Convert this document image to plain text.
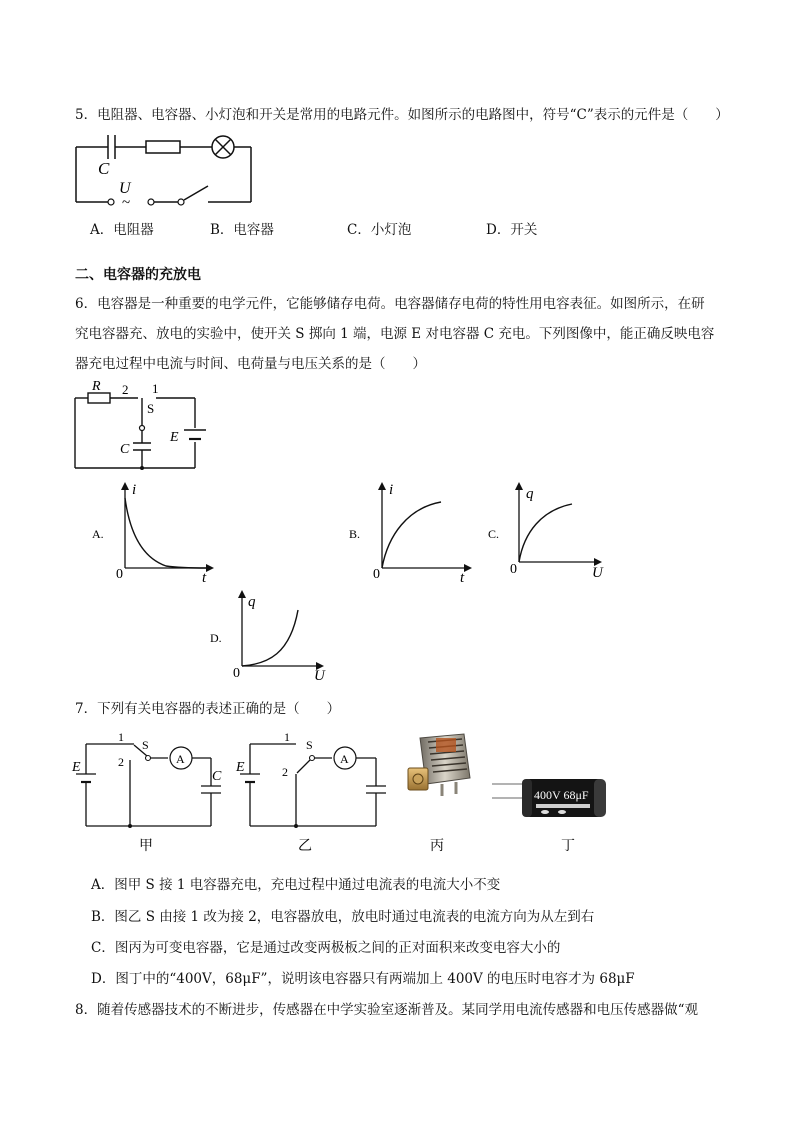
5．电阻器、电容器、小灯泡和开关是常用的电路元件。如图所示的电路图中，符号“C”表示的元件是（　　）
C
U
~
A．电阻器	B．电容器	C．小灯泡	D．开关
二、电容器的充放电
6．电容器是一种重要的电学元件，它能够储存电荷。电容器储存电荷的特性用电容表征。如图所示，在研
究电容器充、放电的实验中，使开关 S 掷向 1 端，电源 E 对电容器 C 充电。下列图像中，能正确反映电容
器充电过程中电流与时间、电荷量与电压关系的是（　　）
R 2 1
S
C
E
A.
i
t
0
B.
i
t
0
C.
q
U
0
D.
q
U
0
7．下列有关电容器的表述正确的是（　　）
E
1
2
S
A
C
甲
E
1
2
S
A
乙	丙
400V 68μF
丁
A．图甲 S 接 1 电容器充电，充电过程中通过电流表的电流大小不变
B．图乙 S 由接 1 改为接 2，电容器放电，放电时通过电流表的电流方向为从左到右
C．图丙为可变电容器，它是通过改变两极板之间的正对面积来改变电容大小的
D．图丁中的“400V，68μF”，说明该电容器只有两端加上 400V 的电压时电容才为 68μF
8．随着传感器技术的不断进步，传感器在中学实验室逐渐普及。某同学用电流传感器和电压传感器做“观
